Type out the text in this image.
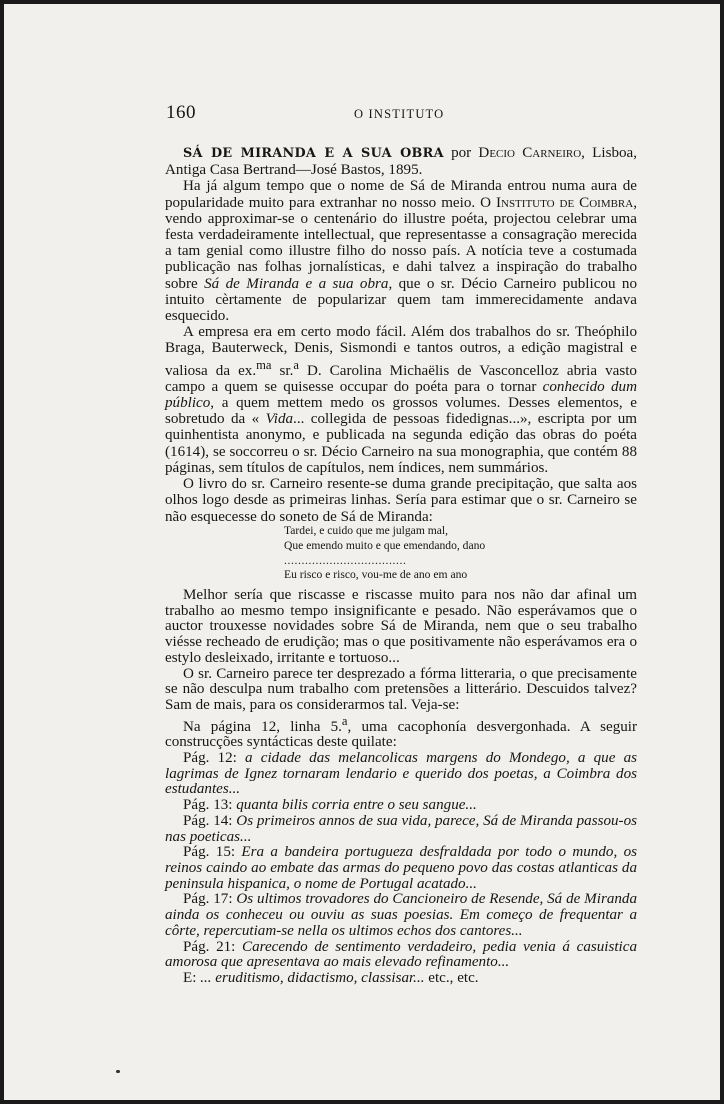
160	O INSTITUTO

SÁ DE MIRANDA E A SUA OBRA por Decio Carneiro, Lisboa, Antiga Casa Bertrand—José Bastos, 1895.

Ha já algum tempo que o nome de Sá de Miranda entrou numa aura de popularidade muito para extranhar no nosso meio. O Instituto de Coimbra, vendo approximar-se o centenário do illustre poéta, projectou celebrar uma festa verdadeiramente intellectual, que representasse a consagração merecida a tam genial como illustre filho do nosso país. A notícia teve a costumada publicação nas folhas jornalísticas, e dahi talvez a inspiração do trabalho sobre Sá de Miranda e a sua obra, que o sr. Décio Carneiro publicou no intuito cèrtamente de popularizar quem tam immerecidamente andava esquecido.

A empresa era em certo modo fácil. Além dos trabalhos do sr. Theóphilo Braga, Bauterweck, Denis, Sismondi e tantos outros, a edição magistral e valiosa da ex.$^{ma}$ sr.$^a$ D. Carolina Michaëlis de Vasconcelloz abria vasto campo a quem se quisesse occupar do poéta para o tornar conhecido dum público, a quem mettem medo os grossos volumes. Desses elementos, e sobretudo da « Vida... collegida de pessoas fidedignas...», escripta por um quinhentista anonymo, e publicada na segunda edição das obras do poéta (1614), se soccorreu o sr. Décio Carneiro na sua monographia, que contém 88 páginas, sem títulos de capítulos, nem índices, nem summários.

O livro do sr. Carneiro resente-se duma grande precipitação, que salta aos olhos logo desde as primeiras linhas. Sería para estimar que o sr. Carneiro se não esquecesse do soneto de Sá de Miranda:

Tardei, e cuido que me julgam mal,
Que emendo muito e que emendando, dano
...................................
Eu risco e risco, vou-me de ano em ano

Melhor sería que riscasse e riscasse muito para nos não dar afinal um trabalho ao mesmo tempo insignificante e pesado. Não esperávamos que o auctor trouxesse novidades sobre Sá de Miranda, nem que o seu trabalho viésse recheado de erudição; mas o que positivamente não esperávamos era o estylo desleixado, irritante e tortuoso...

O sr. Carneiro parece ter desprezado a fórma litteraria, o que precisamente se não desculpa num trabalho com pretensões a litterário. Descuidos talvez? Sam de mais, para os considerarmos tal. Veja-se:

Na página 12, linha 5.$^a$, uma cacophonía desvergonhada. A seguir construcções syntácticas deste quilate:

Pág. 12: a cidade das melancolicas margens do Mondego, a que as lagrimas de Ignez tornaram lendario e querido dos poetas, a Coimbra dos estudantes...

Pág. 13: quanta bilis corria entre o seu sangue...

Pág. 14: Os primeiros annos de sua vida, parece, Sá de Miranda passou-os nas poeticas...

Pág. 15: Era a bandeira portugueza desfraldada por todo o mundo, os reinos caindo ao embate das armas do pequeno povo das costas atlanticas da peninsula hispanica, o nome de Portugal acatado...

Pág. 17: Os ultimos trovadores do Cancioneiro de Resende, Sá de Miranda ainda os conheceu ou ouviu as suas poesias. Em começo de frequentar a côrte, repercutiam-se nella os ultimos echos dos cantores...

Pág. 21: Carecendo de sentimento verdadeiro, pedia venia á casuistica amorosa que apresentava ao mais elevado refinamento...

E: ... eruditismo, didactismo, classisar... etc., etc.
